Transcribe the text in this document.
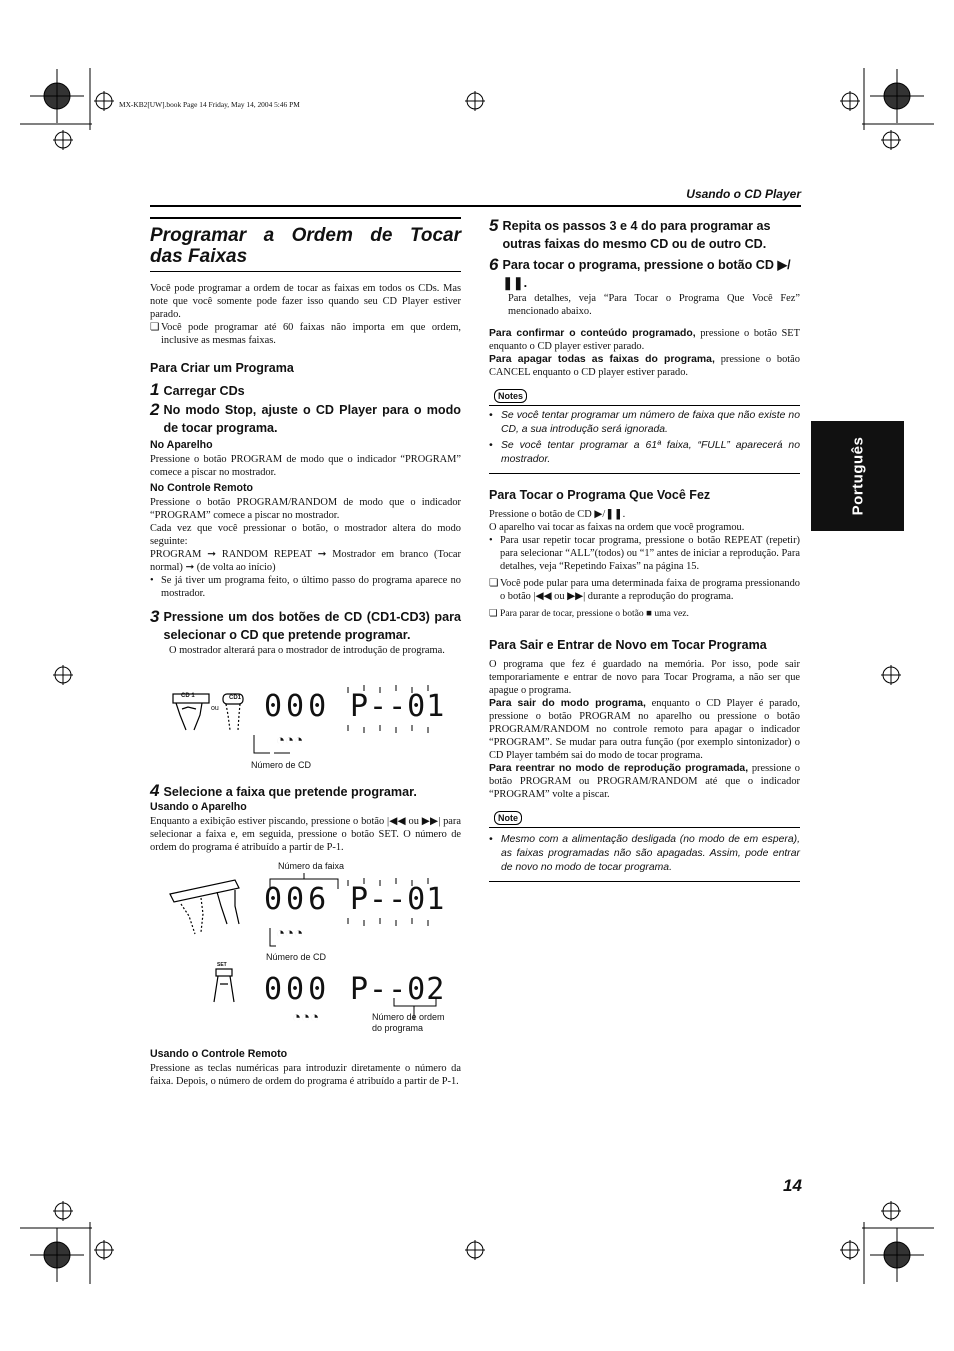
MX-KB2[UW].book Page 14 Friday, May 14, 2004 5:46 PM
Usando o CD Player
Português
14
Programar a Ordem de Tocar
das Faixas

Você pode programar a ordem de tocar as faixas em todos os CDs. Mas note que você somente pode fazer isso quando seu CD Player estiver parado.

❏ Você pode programar até 60 faixas não importa em que ordem, inclusive as mesmas faixas.
Para Criar um Programa
1 Carregar CDs
2 No modo Stop, ajuste o CD Player para o modo de tocar programa.
No Aparelho

Pressione o botão PROGRAM de modo que o indicador “PROGRAM” comece a piscar no mostrador.

No Controle Remoto

Pressione o botão PROGRAM/RANDOM de modo que o indicador “PROGRAM” comece a piscar no mostrador.

Cada vez que você pressionar o botão, o mostrador altera do modo seguinte:

PROGRAM ➞ RANDOM REPEAT ➞ Mostrador em branco (Tocar normal) ➞ (de volta ao início)

• Se já tiver um programa feito, o último passo do programa aparece no mostrador.
3 Pressione um dos botões de CD (CD1-CD3) para selecionar o CD que pretende programar.

O mostrador alterará para o mostrador de introdução de programa.

CD 1
ou
CD1 000 P--01
◔◔◔
Número de CD
4 Selecione a faixa que pretende programar.
Usando o Aparelho

Enquanto a exibição estiver piscando, pressione o botão |◀◀ ou ▶▶| para selecionar a faixa e, em seguida, pressione o botão SET. O número de ordem do programa é atribuído a partir de P-1.

Número da faixa
006 P--01
◔◔◔
Número de CD
SET
000 P--02
◔◔◔	Número de ordem
do programa
Usando o Controle Remoto

Pressione as teclas numéricas para introduzir diretamente o número da faixa. Depois, o número de ordem do programa é atribuído a partir de P-1.

5 Repita os passos 3 e 4 do para programar as outras faixas do mesmo CD ou de outro CD.
6 Para tocar o programa, pressione o botão CD ▶/❚❚.

Para detalhes, veja “Para Tocar o Programa Que Você Fez” mencionado abaixo.

Para confirmar o conteúdo programado, pressione o botão SET enquanto o CD player estiver parado.

Para apagar todas as faixas do programa, pressione o botão CANCEL enquanto o CD player estiver parado.

Notes
• Se você tentar programar um número de faixa que não existe no CD, a sua introdução será ignorada.
• Se você tentar programar a 61ª faixa, “FULL” aparecerá no mostrador.
Para Tocar o Programa Que Você Fez

Pressione o botão de CD ▶/❚❚.

O aparelho vai tocar as faixas na ordem que você programou.

• Para usar repetir tocar programa, pressione o botão REPEAT (repetir) para selecionar “ALL”(todos) ou “1” antes de iniciar a reprodução. Para detalhes, veja “Repetindo Faixas” na página 15.
❏ Você pode pular para uma determinada faixa de programa pressionando o botão |◀◀ ou ▶▶| durante a reprodução do programa.
❏ Para parar de tocar, pressione o botão ■ uma vez.
Para Sair e Entrar de Novo em Tocar Programa

O programa que fez é guardado na memória. Por isso, pode sair temporariamente e entrar de novo para Tocar Programa, a não ser que apague o programa.

Para sair do modo programa, enquanto o CD Player é parado, pressione o botão PROGRAM no aparelho ou pressione o botão PROGRAM/RANDOM no controle remoto para apagar o indicador “PROGRAM”. Se mudar para outra função (por exemplo sintonizador) o CD Player também sai do modo de tocar programa.

Para reentrar no modo de reprodução programada, pressione o botão PROGRAM ou PROGRAM/RANDOM até que o indicador “PROGRAM” volte a piscar.

Note
• Mesmo com a alimentação desligada (no modo de em espera), as faixas programadas não são apagadas. Assim, pode entrar de novo no modo de tocar programa.
